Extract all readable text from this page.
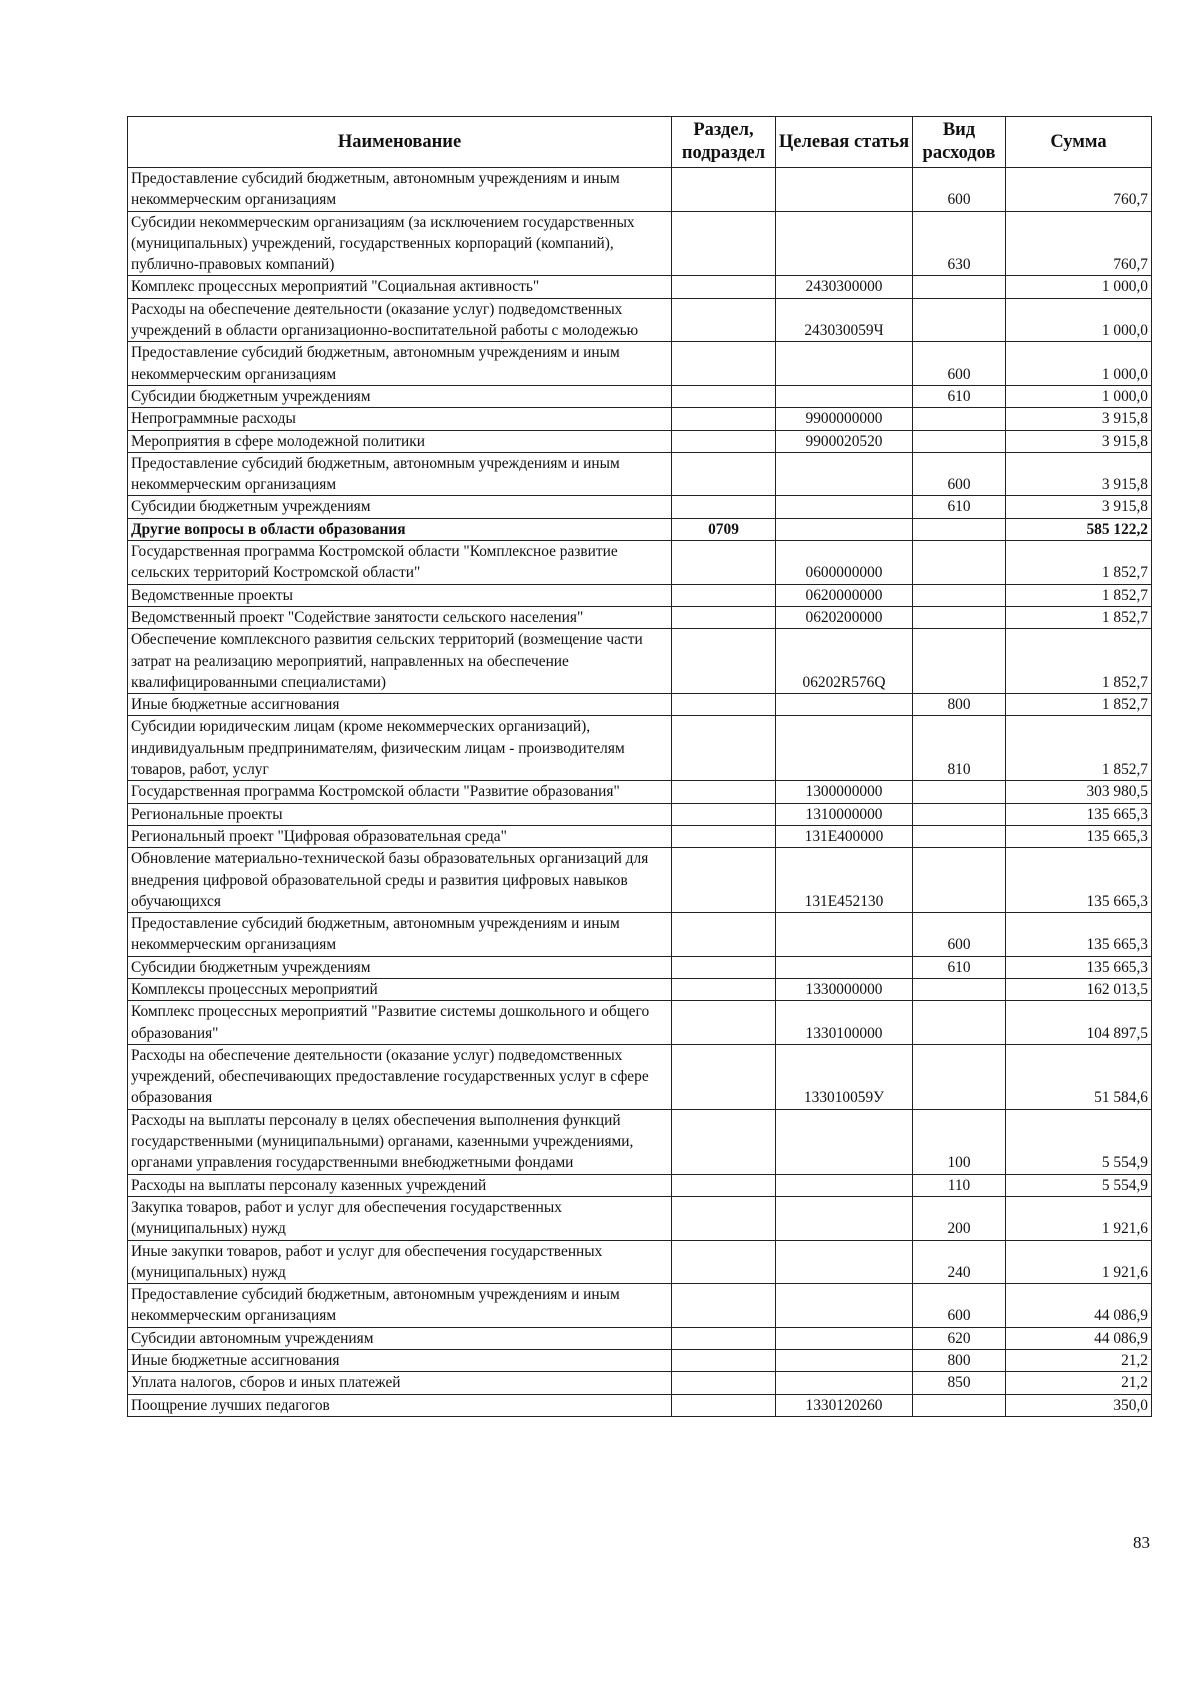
Наименование	Раздел, подраздел	Целевая статья	Вид расходов	Сумма
Предоставление субсидий бюджетным, автономным учреждениям и иным некоммерческим организациям			600	760,7
Субсидии некоммерческим организациям (за исключением государственных (муниципальных) учреждений, государственных корпораций (компаний), публично-правовых компаний)			630	760,7
Комплекс процессных мероприятий "Социальная активность"		2430300000		1 000,0
Расходы на обеспечение деятельности (оказание услуг) подведомственных учреждений в области организационно-воспитательной работы с молодежью		243030059Ч		1 000,0
Предоставление субсидий бюджетным, автономным учреждениям и иным некоммерческим организациям			600	1 000,0
Субсидии бюджетным учреждениям			610	1 000,0
Непрограммные расходы		9900000000		3 915,8
Мероприятия в сфере молодежной политики		9900020520		3 915,8
Предоставление субсидий бюджетным, автономным учреждениям и иным некоммерческим организациям			600	3 915,8
Субсидии бюджетным учреждениям			610	3 915,8
Другие вопросы в области образования	0709			585 122,2
Государственная программа Костромской области "Комплексное развитие сельских территорий Костромской области"		0600000000		1 852,7
Ведомственные проекты		0620000000		1 852,7
Ведомственный проект "Содействие занятости сельского населения"		0620200000		1 852,7
Обеспечение комплексного развития сельских территорий (возмещение части затрат на реализацию мероприятий, направленных на обеспечение квалифицированными специалистами)		06202R576Q		1 852,7
Иные бюджетные ассигнования			800	1 852,7
Субсидии юридическим лицам (кроме некоммерческих организаций), индивидуальным предпринимателям, физическим лицам - производителям товаров, работ, услуг			810	1 852,7
Государственная программа Костромской области "Развитие образования"		1300000000		303 980,5
Региональные проекты		1310000000		135 665,3
Региональный проект "Цифровая образовательная среда"		131E400000		135 665,3
Обновление материально-технической базы образовательных организаций для внедрения цифровой образовательной среды и развития цифровых навыков обучающихся		131E452130		135 665,3
Предоставление субсидий бюджетным, автономным учреждениям и иным некоммерческим организациям			600	135 665,3
Субсидии бюджетным учреждениям			610	135 665,3
Комплексы процессных мероприятий		1330000000		162 013,5
Комплекс процессных мероприятий "Развитие системы дошкольного и общего образования"		1330100000		104 897,5
Расходы на обеспечение деятельности (оказание услуг) подведомственных учреждений, обеспечивающих предоставление государственных услуг в сфере образования		133010059У		51 584,6
Расходы на выплаты персоналу в целях обеспечения выполнения функций государственными (муниципальными) органами, казенными учреждениями, органами управления государственными внебюджетными фондами			100	5 554,9
Расходы на выплаты персоналу казенных учреждений			110	5 554,9
Закупка товаров, работ и услуг для обеспечения государственных (муниципальных) нужд			200	1 921,6
Иные закупки товаров, работ и услуг для обеспечения государственных (муниципальных) нужд			240	1 921,6
Предоставление субсидий бюджетным, автономным учреждениям и иным некоммерческим организациям			600	44 086,9
Субсидии автономным учреждениям			620	44 086,9
Иные бюджетные ассигнования			800	21,2
Уплата налогов, сборов и иных платежей			850	21,2
Поощрение лучших педагогов		1330120260		350,0
83
